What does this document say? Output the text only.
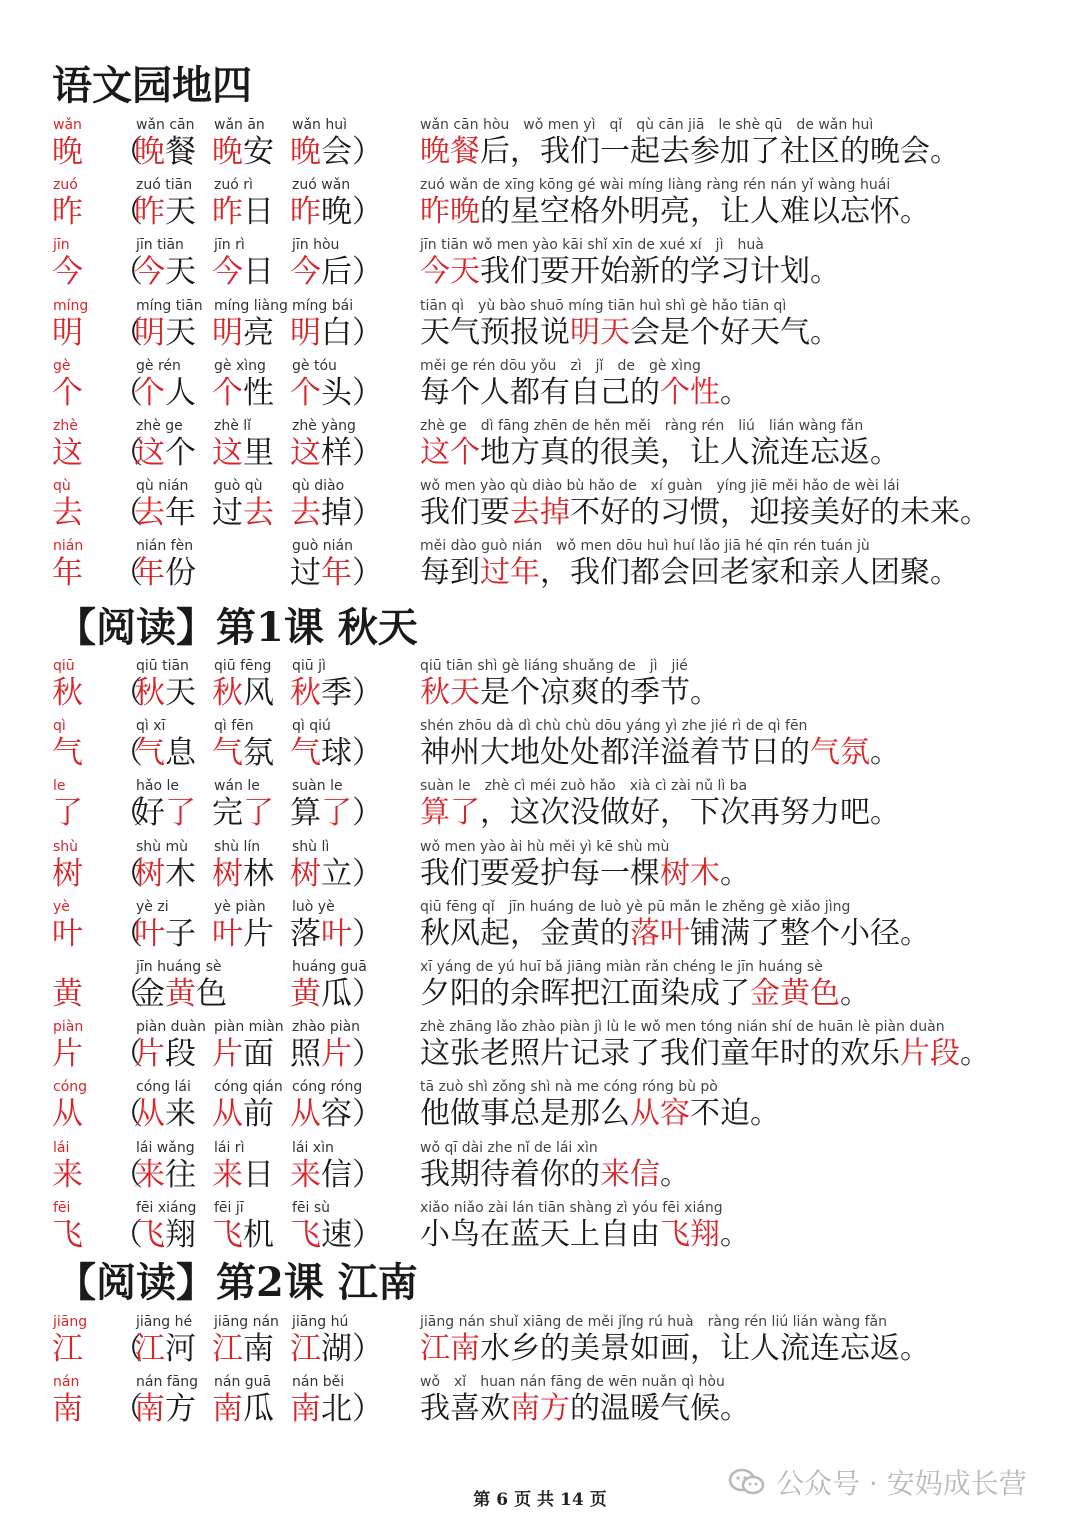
语文园地四
wǎn
晚 （
wǎn cān
晚餐
wǎn ān
晚安
wǎn huì
晚会 ）
wǎn cān hòu　wǒ men yì　qǐ　qù cān jiā　le shè qū　de wǎn huì
晚餐后，我们一起去参加了社区的晚会。
zuó
昨 （
zuó tiān
昨天
zuó rì
昨日
zuó wǎn
昨晚 ）
zuó wǎn de xīng kōng gé wài míng liàng ràng rén nán yǐ wàng huái
昨晚的星空格外明亮，让人难以忘怀。
jīn
今 （
jīn tiān
今天
jīn rì
今日
jīn hòu
今后 ）
jīn tiān wǒ men yào kāi shǐ xīn de xué xí　jì　huà
今天我们要开始新的学习计划。
míng
明 （
míng tiān
明天
míng liàng
明亮
míng bái
明白 ）
tiān qì　yù bào shuō míng tiān huì shì gè hǎo tiān qì
天气预报说明天会是个好天气。
gè
个 （
gè rén
个人
gè xìng
个性
gè tóu
个头 ）
měi ge rén dōu yǒu　zì　jǐ　de　gè xìng
每个人都有自己的个性。
zhè
这 （
zhè ge
这个
zhè lǐ
这里
zhè yàng
这样 ）
zhè ge　dì fāng zhēn de hěn měi　ràng rén　liú　lián wàng fǎn
这个地方真的很美，让人流连忘返。
qù
去 （
qù nián
去年
guò qù
过去
qù diào
去掉 ）
wǒ men yào qù diào bù hǎo de　xí guàn　yíng jiē měi hǎo de wèi lái
我们要去掉不好的习惯，迎接美好的未来。
nián
年 （
nián fèn
年份
guò nián
过年 ）
měi dào guò nián　wǒ men dōu huì huí lǎo jiā hé qīn rén tuán jù
每到过年，我们都会回老家和亲人团聚。
【阅读】第1课 秋天
qiū
秋 （
qiū tiān
秋天
qiū fēng
秋风
qiū jì
秋季 ）
qiū tiān shì gè liáng shuǎng de　jì　jié
秋天是个凉爽的季节。
qì
气 （
qì xī
气息
qì fēn
气氛
qì qiú
气球 ）
shén zhōu dà dì chù chù dōu yáng yì zhe jié rì de qì fēn
神州大地处处都洋溢着节日的气氛。
le
了 （
hǎo le
好了
wán le
完了
suàn le
算了 ）
suàn le　zhè cì méi zuò hǎo　xià cì zài nǔ lì ba
算了，这次没做好，下次再努力吧。
shù
树 （
shù mù
树木
shù lín
树林
shù lì
树立 ）
wǒ men yào ài hù měi yì kē shù mù
我们要爱护每一棵树木。
yè
叶 （
yè zi
叶子
yè piàn
叶片
luò yè
落叶 ）
qiū fēng qǐ　jīn huáng de luò yè pū mǎn le zhěng gè xiǎo jìng
秋风起，金黄的落叶铺满了整个小径。
黄 （
jīn huáng sè
金黄色
huáng guā
黄瓜 ）
xī yáng de yú huī bǎ jiāng miàn rǎn chéng le jīn huáng sè
夕阳的余晖把江面染成了金黄色。
piàn
片 （
piàn duàn
片段
piàn miàn
片面
zhào piàn
照片 ）
zhè zhāng lǎo zhào piàn jì lù le wǒ men tóng nián shí de huān lè piàn duàn
这张老照片记录了我们童年时的欢乐片段。
cóng
从 （
cóng lái
从来
cóng qián
从前
cóng róng
从容 ）
tā zuò shì zǒng shì nà me cóng róng bù pò
他做事总是那么从容不迫。
lái
来 （
lái wǎng
来往
lái rì
来日
lái xìn
来信 ）
wǒ qī dài zhe nǐ de lái xìn
我期待着你的来信。
fēi
飞 （
fēi xiáng
飞翔
fēi jī
飞机
fēi sù
飞速 ）
xiǎo niǎo zài lán tiān shàng zì yóu fēi xiáng
小鸟在蓝天上自由飞翔。
【阅读】第2课 江南
jiāng
江 （
jiāng hé
江河
jiāng nán
江南
jiāng hú
江湖 ）
jiāng nán shuǐ xiāng de měi jǐng rú huà　ràng rén liú lián wàng fǎn
江南水乡的美景如画，让人流连忘返。
nán
南 （
nán fāng
南方
nán guā
南瓜
nán běi
南北 ）
wǒ　xǐ　huan nán fāng de wēn nuǎn qì hòu
我喜欢南方的温暖气候。
第 6 页 共 14 页	公众号 · 安妈成长营
